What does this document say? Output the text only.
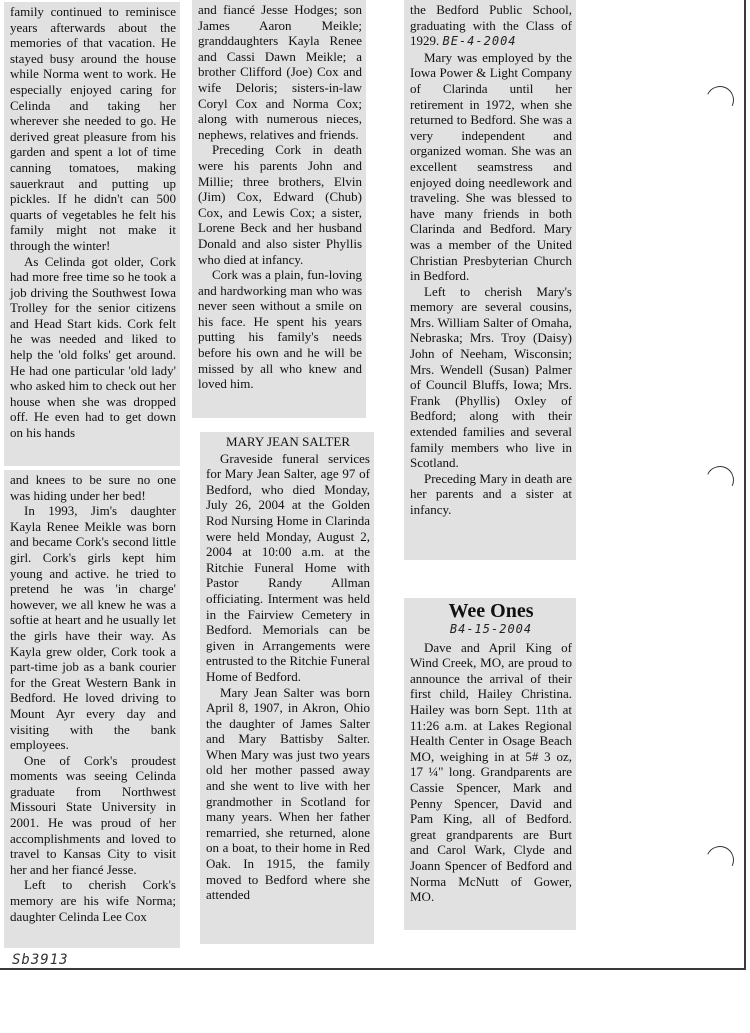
family continued to reminisce years afterwards about the memories of that vacation. He stayed busy around the house while Norma went to work. He especially enjoyed caring for Celinda and taking her wherever she needed to go. He derived great pleasure from his garden and spent a lot of time canning tomatoes, making sauerkraut and putting up pickles. If he didn't can 500 quarts of vegetables he felt his family might not make it through the winter!

As Celinda got older, Cork had more free time so he took a job driving the Southwest Iowa Trolley for the senior citizens and Head Start kids. Cork felt he was needed and liked to help the 'old folks' get around. He had one particular 'old lady' who asked him to check out her house when she was dropped off. He even had to get down on his hands

and knees to be sure no one was hiding under her bed!

In 1993, Jim's daughter Kayla Renee Meikle was born and became Cork's second little girl. Cork's girls kept him young and active. he tried to pretend he was 'in charge' however, we all knew he was a softie at heart and he usually let the girls have their way. As Kayla grew older, Cork took a part-time job as a bank courier for the Great Western Bank in Bedford. He loved driving to Mount Ayr every day and visiting with the bank employees.

One of Cork's proudest moments was seeing Celinda graduate from Northwest Missouri State University in 2001. He was proud of her accomplishments and loved to travel to Kansas City to visit her and her fiancé Jesse.

Left to cherish Cork's memory are his wife Norma; daughter Celinda Lee Cox

and fiancé Jesse Hodges; son James Aaron Meikle; granddaughters Kayla Renee and Cassi Dawn Meikle; a brother Clifford (Joe) Cox and wife Deloris; sisters-in-law Coryl Cox and Norma Cox; along with numerous nieces, nephews, relatives and friends.

Preceding Cork in death were his parents John and Millie; three brothers, Elvin (Jim) Cox, Edward (Chub) Cox, and Lewis Cox; a sister, Lorene Beck and her husband Donald and also sister Phyllis who died at infancy.

Cork was a plain, fun-loving and hardworking man who was never seen without a smile on his face. He spent his years putting his family's needs before his own and he will be missed by all who knew and loved him.

MARY JEAN SALTER

Graveside funeral services for Mary Jean Salter, age 97 of Bedford, who died Monday, July 26, 2004 at the Golden Rod Nursing Home in Clarinda were held Monday, August 2, 2004 at 10:00 a.m. at the Ritchie Funeral Home with Pastor Randy Allman officiating. Interment was held in the Fairview Cemetery in Bedford. Memorials can be given in Arrangements were entrusted to the Ritchie Funeral Home of Bedford.

Mary Jean Salter was born April 8, 1907, in Akron, Ohio the daughter of James Salter and Mary Battisby Salter. When Mary was just two years old her mother passed away and she went to live with her grandmother in Scotland for many years. When her father remarried, she returned, alone on a boat, to their home in Red Oak. In 1915, the family moved to Bedford where she attended

the Bedford Public School, graduating with the Class of 1929. BE-4-2004

Mary was employed by the Iowa Power & Light Company of Clarinda until her retirement in 1972, when she returned to Bedford. She was a very independent and organized woman. She was an excellent seamstress and enjoyed doing needlework and traveling. She was blessed to have many friends in both Clarinda and Bedford. Mary was a member of the United Christian Presbyterian Church in Bedford.

Left to cherish Mary's memory are several cousins, Mrs. William Salter of Omaha, Nebraska; Mrs. Troy (Daisy) John of Neeham, Wisconsin; Mrs. Wendell (Susan) Palmer of Council Bluffs, Iowa; Mrs. Frank (Phyllis) Oxley of Bedford; along with their extended families and several family members who live in Scotland.

Preceding Mary in death are her parents and a sister at infancy.

Wee Ones
B4-15-2004

Dave and April King of Wind Creek, MO, are proud to announce the arrival of their first child, Hailey Christina. Hailey was born Sept. 11th at 11:26 a.m. at Lakes Regional Health Center in Osage Beach MO, weighing in at 5# 3 oz, 17 ¼" long. Grandparents are Cassie Spencer, Mark and Penny Spencer, David and Pam King, all of Bedford. great grandparents are Burt and Carol Wark, Clyde and Joann Spencer of Bedford and Norma McNutt of Gower, MO.

Sb3913
